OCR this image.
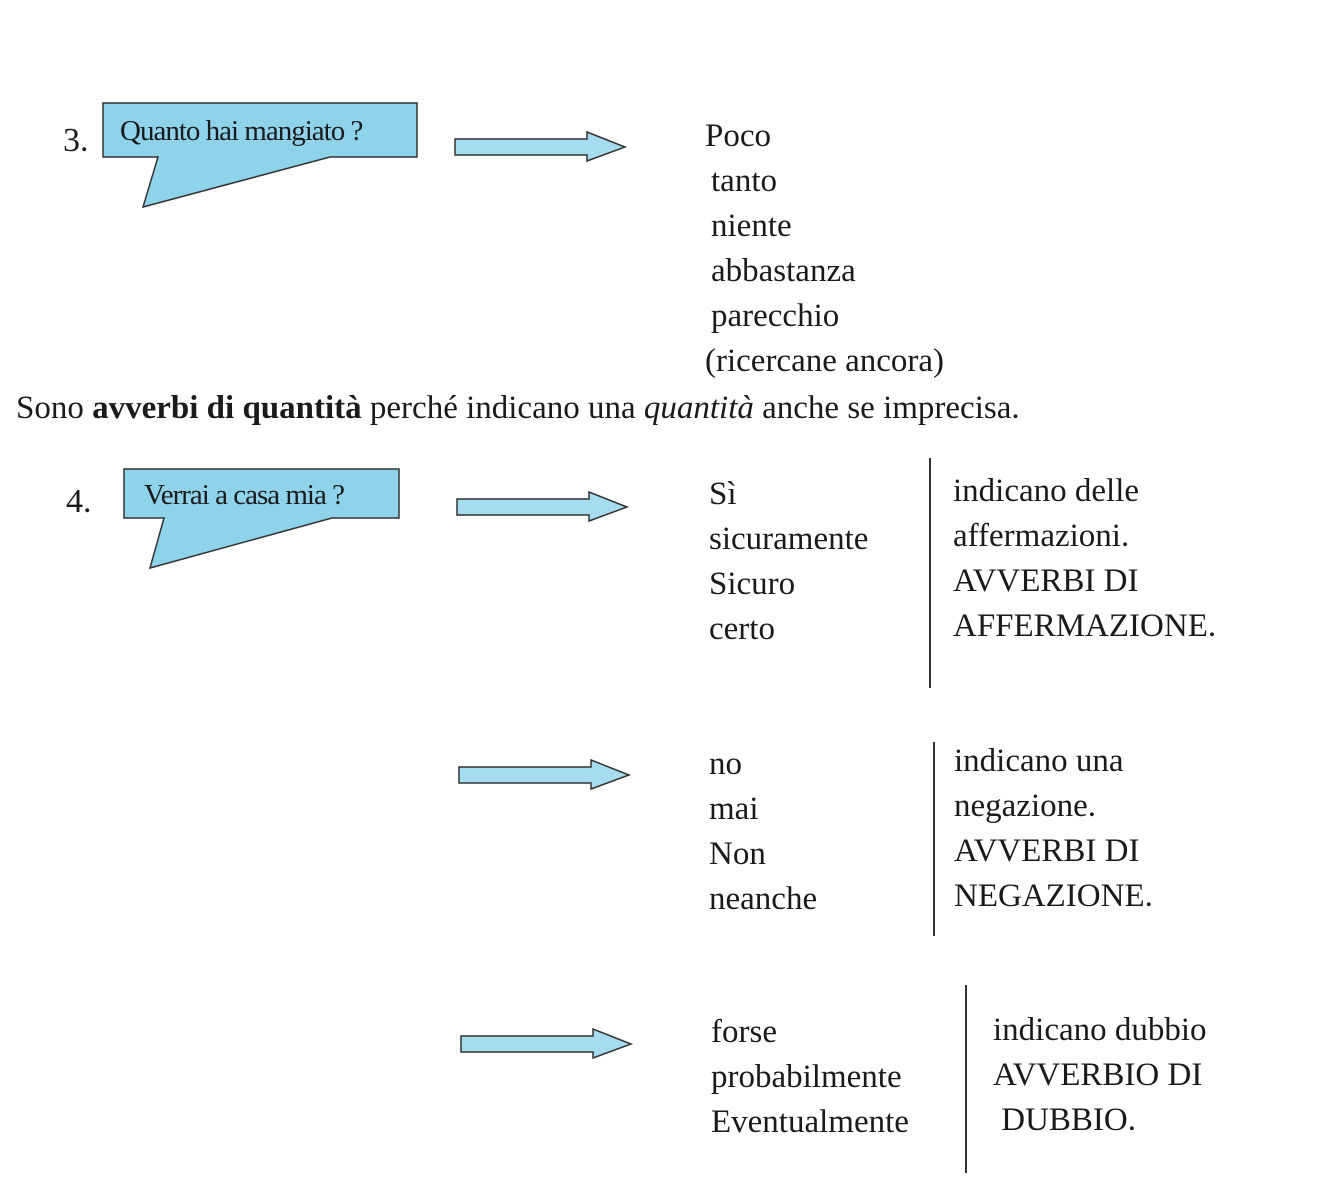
3. Quanto hai mangiato ?	Poco
tanto
niente
abbastanza
parecchio
(ricercane ancora)
Sono avverbi di quantità perché indicano una quantità anche se imprecisa.
4. Verrai a casa mia ?	Sì
sicuramente
Sicuro
certo
indicano delle
affermazioni.
AVVERBI DI
AFFERMAZIONE.
no
mai
Non
neanche
indicano una
negazione.
AVVERBI DI
NEGAZIONE.
forse
probabilmente
Eventualmente
indicano dubbio
AVVERBIO DI
DUBBIO.
